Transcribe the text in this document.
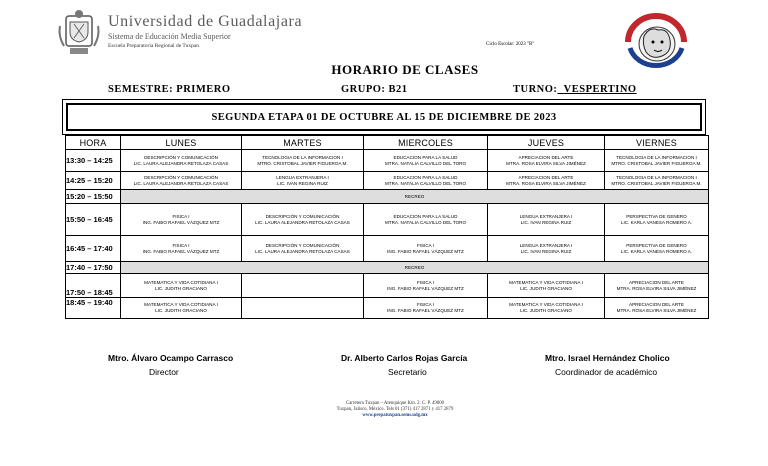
Universidad de Guadalajara
Sistema de Educación Media Superior
Escuela Preparatoria Regional de Tuxpan	Ciclo Escolar: 2023 "B"
HORARIO DE CLASES
SEMESTRE: PRIMERO	GRUPO: B21	TURNO: VESPERTINO
SEGUNDA ETAPA 01 DE OCTUBRE AL 15 DE DICIEMBRE DE 2023
HORA	LUNES	MARTES	MIERCOLES	JUEVES	VIERNES
13:30 – 14:25	DESCRIPCIÓN Y COMUNICACIÓN
LIC. LAURA ALEJANDRA RETOLAZA CASAS	TECNOLOGIA DE LA INFORMACION I
MTRO. CRISTOBAL JAVIER FIGUEROA M.	EDUCACION PARA LA SALUD
MTRA. NATALIA CALVILLO DEL TORO	APRECIACION DEL ARTE
MTRA. ROSA ELVIRA SILVA JIMÉNEZ	TECNOLOGIA DE LA INFORMACION I
MTRO. CRISTOBAL JAVIER FIGUEROA M.

14:25 – 15:20	DESCRIPCIÓN Y COMUNICACIÓN
LIC. LAURA ALEJANDRA RETOLAZA CASAS	LENGUA EXTRANJERA I
LIC. IVAN REGINA RUIZ	EDUCACION PARA LA SALUD
MTRA. NATALIA CALVILLO DEL TORO	APRECIACION DEL ARTE
MTRA. ROSA ELVIRA SILVA JIMÉNEZ	TECNOLOGIA DE LA INFORMACION I
MTRO. CRISTOBAL JAVIER FIGUEROA M.

15:20 – 15:50	RECREO				
15:50 – 16:45	FISICA I
ING. FABIO RAFAEL VÁZQUEZ MTZ	DESCRIPCIÓN Y COMUNICACIÓN
LIC. LAURA ALEJANDRA RETOLAZA CASAS	EDUCACION PARA LA SALUD
MTRA. NATALIA CALVILLO DEL TORO	LENGUA EXTRANJERA I
LIC. IVAN REGINA RUIZ	PERSPECTIVA DE GENERO
LIC. KARLA VANESA ROMERO A.

16:45 – 17:40	FISICA I
ING. FABIO RAFAEL VÁZQUEZ MTZ	DESCRIPCIÓN Y COMUNICACIÓN
LIC. LAURA ALEJANDRA RETOLAZA CASAS	FISICA I
ING. FABIO RAFAEL VÁZQUEZ MTZ	LENGUA EXTRANJERA I
LIC. IVAN REGINA RUIZ	PERSPECTIVA DE GENERO
LIC. KARLA VANESA ROMERO A.

17:40 – 17:50	RECREO				
17:50 – 18:45	MATEMATICA Y VIDA COTIDIANA I
LIC. JUDITH GRACIANO		FISICA I
ING. FABIO RAFAEL VÁZQUEZ MTZ	MATEMATICA Y VIDA COTIDIANA I
LIC. JUDITH GRACIANO	APRECIACION DEL ARTE
MTRA. ROSA ELVIRA SILVA JIMÉNEZ

18:45 – 19:40	MATEMATICA Y VIDA COTIDIANA I
LIC. JUDITH GRACIANO		FISICA I
ING. FABIO RAFAEL VÁZQUEZ MTZ	MATEMATICA Y VIDA COTIDIANA I
LIC. JUDITH GRACIANO	APRECIACION DEL ARTE
MTRA. ROSA ELVIRA SILVA JIMÉNEZ
Mtro. Álvaro Ocampo Carrasco
Director
Dr. Alberto Carlos Rojas García
Secretario
Mtro. Israel Hernández Cholico
Coordinador de académico
Carretera Tuxpan – Atenquique Km. 2. C. P. 49800
Tuxpan, Jalisco, México. Tels 01 (371) 417 2871 y 417 2879
www.prepatuxpan.sems.udg.mx
